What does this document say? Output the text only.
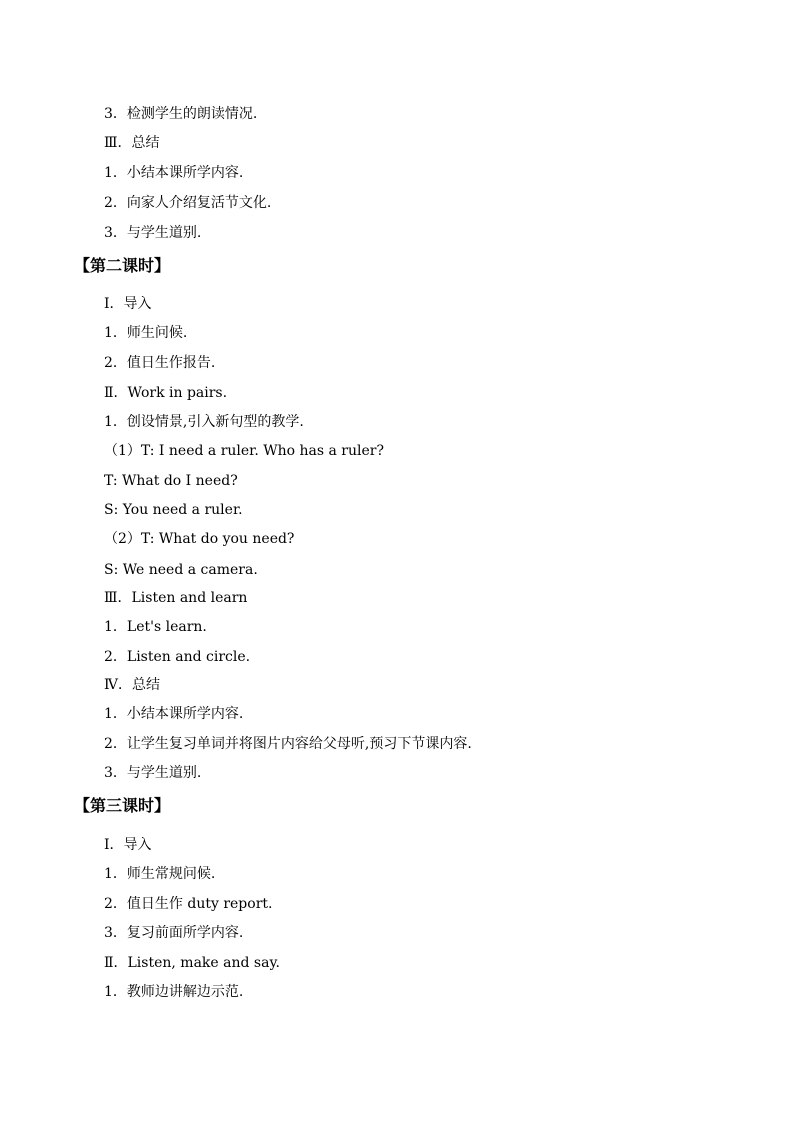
3．检测学生的朗读情况.
Ⅲ．总结
1．小结本课所学内容.
2．向家人介绍复活节文化.
3．与学生道别.
【第二课时】
Ⅰ．导入
1．师生问候.
2．值日生作报告.
Ⅱ．Work in pairs.
1．创设情景,引入新句型的教学.
（1）T: I need a ruler. Who has a ruler?
T: What do I need?
S: You need a ruler.
（2）T: What do you need?
S: We need a camera.
Ⅲ．Listen and learn
1．Let's learn.
2．Listen and circle.
Ⅳ．总结
1．小结本课所学内容.
2．让学生复习单词并将图片内容给父母听,预习下节课内容.
3．与学生道别.
【第三课时】
Ⅰ．导入
1．师生常规问候.
2．值日生作 duty report.
3．复习前面所学内容.
Ⅱ．Listen, make and say.
1．教师边讲解边示范.
